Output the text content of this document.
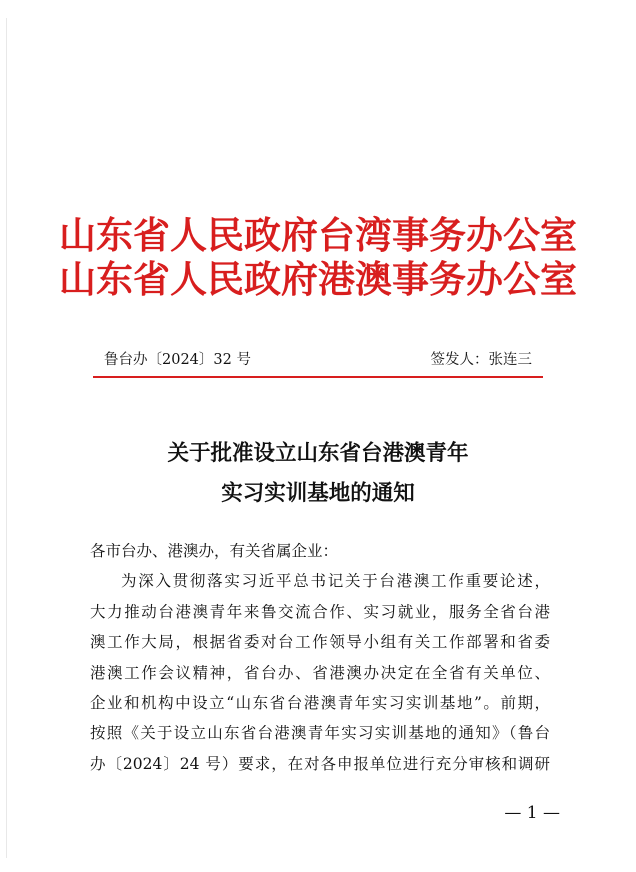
山东省人民政府台湾事务办公室
山东省人民政府港澳事务办公室
鲁台办〔2024〕32 号	签发人：张连三
关于批准设立山东省台港澳青年
实习实训基地的通知
各市台办、港澳办，有关省属企业：
为深入贯彻落实习近平总书记关于台港澳工作重要论述，
大力推动台港澳青年来鲁交流合作、实习就业，服务全省台港
澳工作大局，根据省委对台工作领导小组有关工作部署和省委
港澳工作会议精神，省台办、省港澳办决定在全省有关单位、
企业和机构中设立“山东省台港澳青年实习实训基地”。前期，
按照《关于设立山东省台港澳青年实习实训基地的通知》（鲁台
办〔2024〕24 号）要求，在对各申报单位进行充分审核和调研
— 1 —
